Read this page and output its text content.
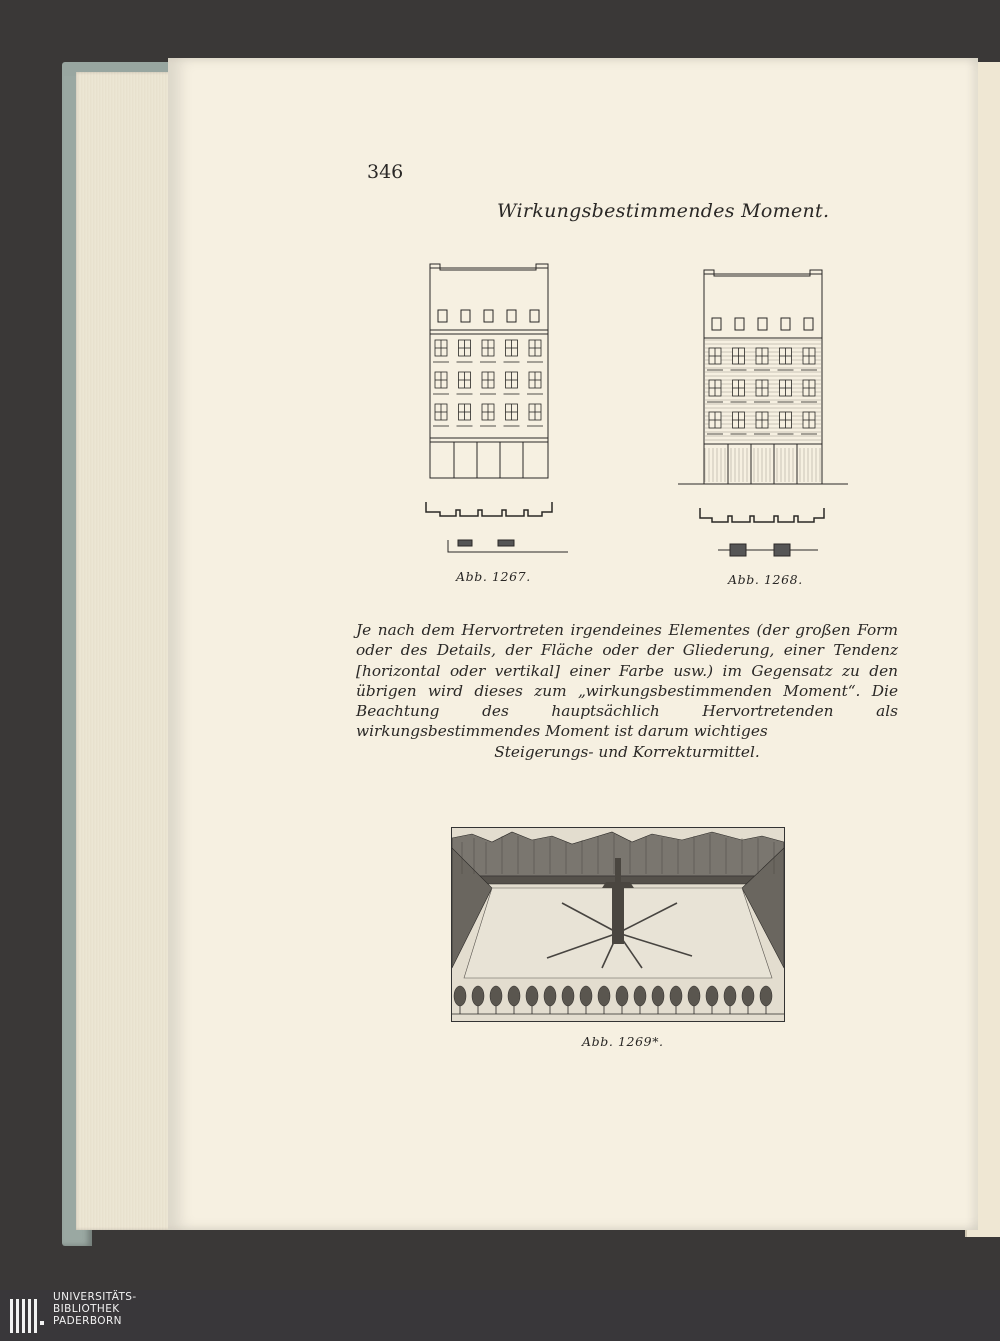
346
Wirkungsbestimmendes Moment.
Abb. 1267.	Abb. 1268.

Je nach dem Hervortreten irgendeines Elementes (der großen Form oder des Details, der Fläche oder der Gliederung, einer Tendenz [horizontal oder vertikal] einer Farbe usw.) im Gegensatz zu den übrigen wird dieses zum „wirkungsbestimmenden Moment“. Die Beachtung des hauptsächlich Hervortretenden als wirkungsbestimmendes Moment ist darum wichtiges
Steigerungs- und Korrekturmittel.

Abb. 1269*.
UNIVERSITÄTS-
BIBLIOTHEK
PADERBORN
